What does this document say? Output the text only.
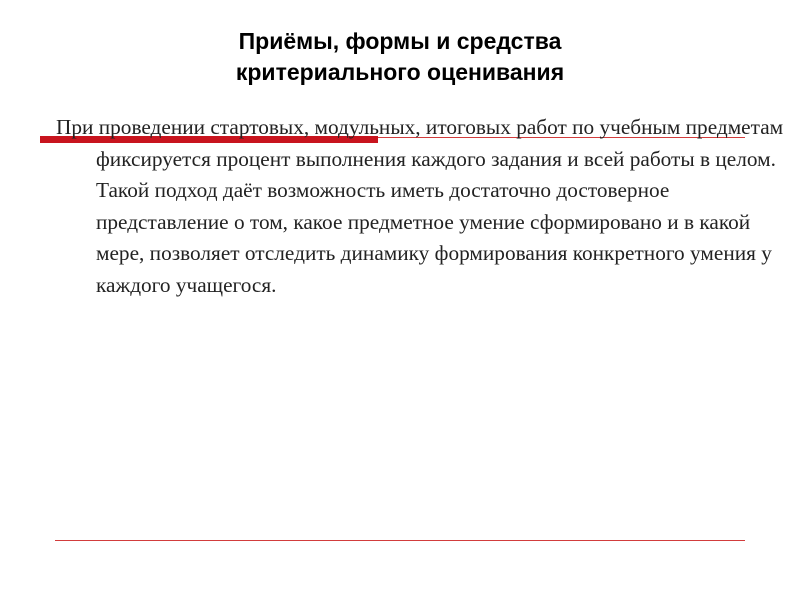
Приёмы, формы и средства
критериального оценивания

При проведении стартовых, модульных, итоговых работ по учебным предметам фиксируется процент выполнения каждого задания и всей работы в целом. Такой подход даёт возможность иметь достаточно достоверное представление о том, какое предметное умение сформировано и в какой мере, позволяет отследить динамику формирования конкретного умения у каждого учащегося.
